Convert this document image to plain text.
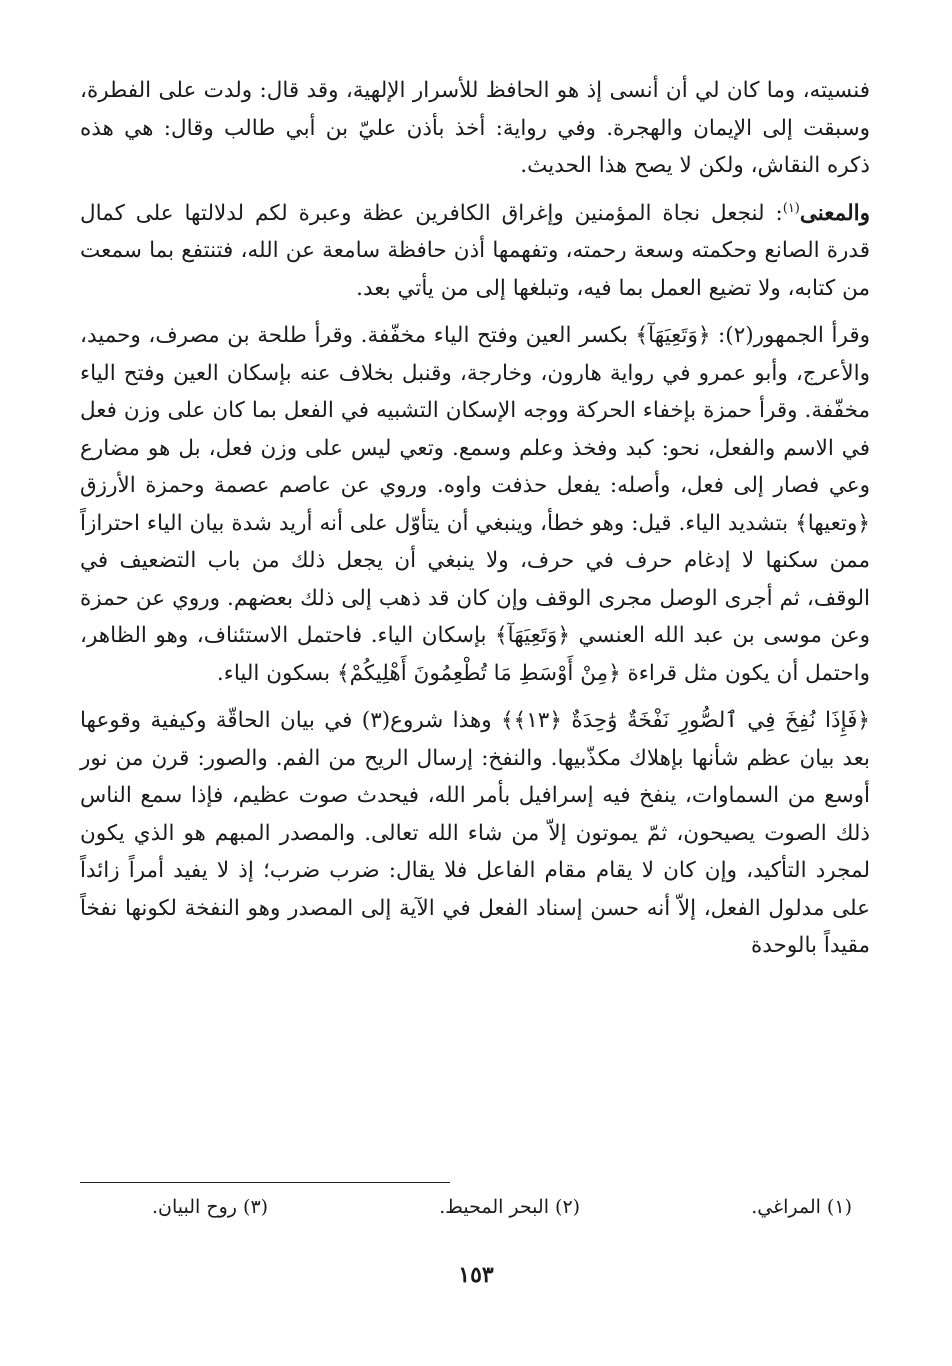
فنسيته، وما كان لي أن أنسى إذ هو الحافظ للأسرار الإلهية، وقد قال: ولدت على الفطرة، وسبقت إلى الإيمان والهجرة. وفي رواية: أخذ بأذن عليّ بن أبي طالب وقال: هي هذه ذكره النقاش، ولكن لا يصح هذا الحديث.

والمعنى$^{(١)}$: لنجعل نجاة المؤمنين وإغراق الكافرين عظة وعبرة لكم لدلالتها على كمال قدرة الصانع وحكمته وسعة رحمته، وتفهمها أذن حافظة سامعة عن الله، فتنتفع بما سمعت من كتابه، ولا تضيع العمل بما فيه، وتبلغها إلى من يأتي بعد.

وقرأ الجمهور(٢): ﴿وَتَعِيَهَآ﴾ بكسر العين وفتح الياء مخفّفة. وقرأ طلحة بن مصرف، وحميد، والأعرج، وأبو عمرو في رواية هارون، وخارجة، وقنبل بخلاف عنه بإسكان العين وفتح الياء مخفّفة. وقرأ حمزة بإخفاء الحركة ووجه الإسكان التشبيه في الفعل بما كان على وزن فعل في الاسم والفعل، نحو: كبد وفخذ وعلم وسمع. وتعي ليس على وزن فعل، بل هو مضارع وعي فصار إلى فعل، وأصله: يفعل حذفت واوه. وروي عن عاصم عصمة وحمزة الأرزق ﴿وتعيها﴾ بتشديد الياء. قيل: وهو خطأ، وينبغي أن يتأوّل على أنه أريد شدة بيان الياء احترازاً ممن سكنها لا إدغام حرف في حرف، ولا ينبغي أن يجعل ذلك من باب التضعيف في الوقف، ثم أجرى الوصل مجرى الوقف وإن كان قد ذهب إلى ذلك بعضهم. وروي عن حمزة وعن موسى بن عبد الله العنسي ﴿وَتَعِيَهَآ﴾ بإسكان الياء. فاحتمل الاستئناف، وهو الظاهر، واحتمل أن يكون مثل قراءة ﴿مِنْ أَوْسَطِ مَا تُطْعِمُونَ أَهْلِيكُمْ﴾ بسكون الياء.

﴿فَإِذَا نُفِخَ فِي ٱلصُّورِ نَفْخَةٌ وَٰحِدَةٌ ﴿١٣﴾﴾ وهذا شروع(٣) في بيان الحاقّة وكيفية وقوعها بعد بيان عظم شأنها بإهلاك مكذّبيها. والنفخ: إرسال الريح من الفم. والصور: قرن من نور أوسع من السماوات، ينفخ فيه إسرافيل بأمر الله، فيحدث صوت عظيم، فإذا سمع الناس ذلك الصوت يصيحون، ثمّ يموتون إلاّ من شاء الله تعالى. والمصدر المبهم هو الذي يكون لمجرد التأكيد، وإن كان لا يقام مقام الفاعل فلا يقال: ضرب ضرب؛ إذ لا يفيد أمراً زائداً على مدلول الفعل، إلاّ أنه حسن إسناد الفعل في الآية إلى المصدر وهو النفخة لكونها نفخاً مقيداً بالوحدة

(١) المراغي.
(٢) البحر المحيط.
(٣) روح البيان.
١٥٣
